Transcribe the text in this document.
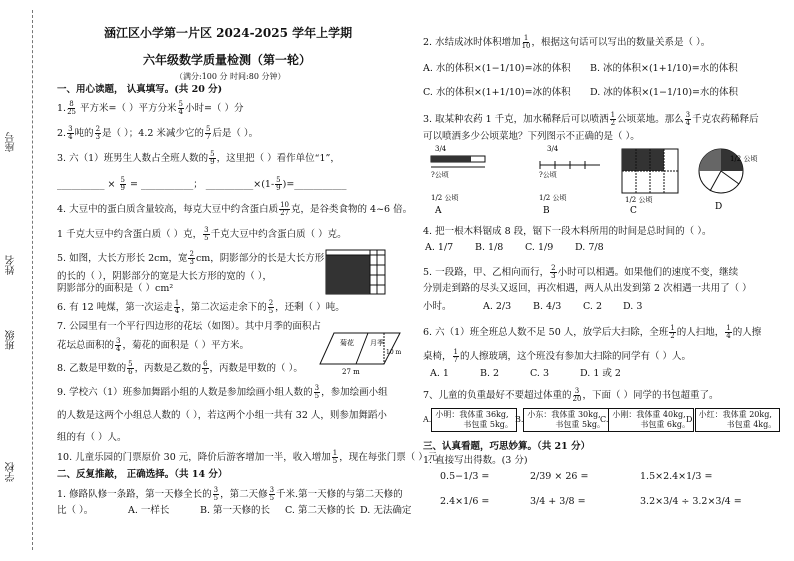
座号
姓名
班级
学校
涵江区小学第一片区 2024-2025 学年上学期
六年级数学质量检测（第一轮）
（满分:100 分 时间:80 分钟）
一、用心读题， 认真填写。(共 20 分)
1. $\frac{8}{25}$ 平方米=（ ）平方分米 $\frac{5}{4}$ 小时=（ ）分
2. $\frac{3}{4}$ 吨的 $\frac{2}{3}$ 是（ ）；4.2 米减少它的 $\frac{5}{7}$ 后是（ ）。
3. 六（1）班男生人数占全班人数的 $\frac{5}{9}$ ，这里把（ ）看作单位“1”，
__________ × $\frac{5}{9}$ = ___________； __________×(1- $\frac{5}{9}$ )=___________
4. 大豆中的蛋白质含量较高，每克大豆中约含蛋白质 $\frac{10}{27}$ 克，是谷类食物的 4~6 倍。
1 千克大豆中约含蛋白质（ ）克， $\frac{3}{5}$ 千克大豆中约含蛋白质（ ）克。
5. 如图，大长方形长 2cm，宽 $\frac{2}{3}$ cm，阴影部分的长是大长方形
的长的（ ），阴影部分的宽是大长方形的宽的（ ），
阴影部分的面积是（ ）cm²
6. 有 12 吨煤，第一次运走 $\frac{1}{4}$ ，第二次运走余下的 $\frac{2}{5}$ ，还剩（ ）吨。
7. 公园里有一个平行四边形的花坛（如图）。其中月季的面积占
花坛总面积的 $\frac{3}{4}$ ，菊花的面积是（ ）平方米。	菊花 月季
27 m
10 m
8. 乙数是甲数的 $\frac{5}{6}$ ，丙数是乙数的 $\frac{6}{5}$ ，丙数是甲数的（ ）。
9. 学校六（1）班参加舞蹈小组的人数是参加绘画小组人数的 $\frac{3}{5}$ ，参加绘画小组
的人数是这两个小组总人数的（ ），若这两个小组一共有 32 人，则参加舞蹈小
组的有（ ）人。
10. 儿童乐园的门票原价 30 元，降价后游客增加一半，收入增加 $\frac{1}{5}$ ，现在每张门票（ ）元。
二、反复推敲， 正确选择。（共 14 分）
1. 修路队修一条路，第一天修全长的 $\frac{3}{5}$ ，第二天修 $\frac{3}{5}$ 千米.第一天修的与第二天修的
比（ ）。	A. 一样长	B. 第一天修的长 C. 第二天修的长 D. 无法确定
2. 水结成冰时体积增加 $\frac{1}{10}$ ，根据这句话可以写出的数量关系是（ ）。
A. 水的体积×(1−1/10)=冰的体积 B. 冰的体积×(1+1/10)=水的体积
C. 水的体积×(1+1/10)=冰的体积 D. 冰的体积×(1−1/10)=水的体积
3. 取某种农药 1 千克，加水稀释后可以喷洒 $\frac{1}{2}$ 公顷菜地。那么 $\frac{3}{4}$ 千克农药稀释后
可以喷洒多少公顷菜地？下列图示不正确的是（ ）。
3/4
?公顷
1/2 公顷
A
3/4
?公顷
1/2 公顷
B
1/2 公顷
C
1/2 公顷
D
4. 把一根木料锯成 8 段，锯下一段木料所用的时间是总时间的（ ）。
A. 1/7 B. 1/8 C. 1/9 D. 7/8
5. 一段路，甲、乙相向而行， $\frac{2}{3}$ 小时可以相遇。如果他们的速度不变，继续
分别走到路的尽头又返回，再次相遇，两人从出发到第 2 次相遇一共用了（ ）
小时。	A. 2/3 B. 4/3 C. 2 D. 3
6. 六（1）班全班总人数不足 50 人，放学后大扫除，全班 $\frac{1}{2}$ 的人扫地， $\frac{1}{4}$ 的人擦
桌椅， $\frac{1}{7}$ 的人擦玻璃，这个班没有参加大扫除的同学有（ ）人。
A. 1	B. 2	C. 3	D. 1 或 2
7、儿童的负重最好不要超过体重的 $\frac{3}{20}$ ，下面（ ）同学的书包超重了。
A.小明：我体重 36kg,
书包重 5kg。
B.小东：我体重 30kg,
书包重 5kg。
C.小刚：我体重 40kg,
书包重 6kg。
D.小红：我体重 20kg,
书包重 4kg。
三、认真看题，巧思妙算。（共 21 分）
1. 直接写出得数。(3 分)
0.5−1/3 =	2/39 × 26 =	1.5×2.4×1/3 =
2.4×1/6 =	3/4 + 3/8 =	3.2×3/4 ÷ 3.2×3/4 =
